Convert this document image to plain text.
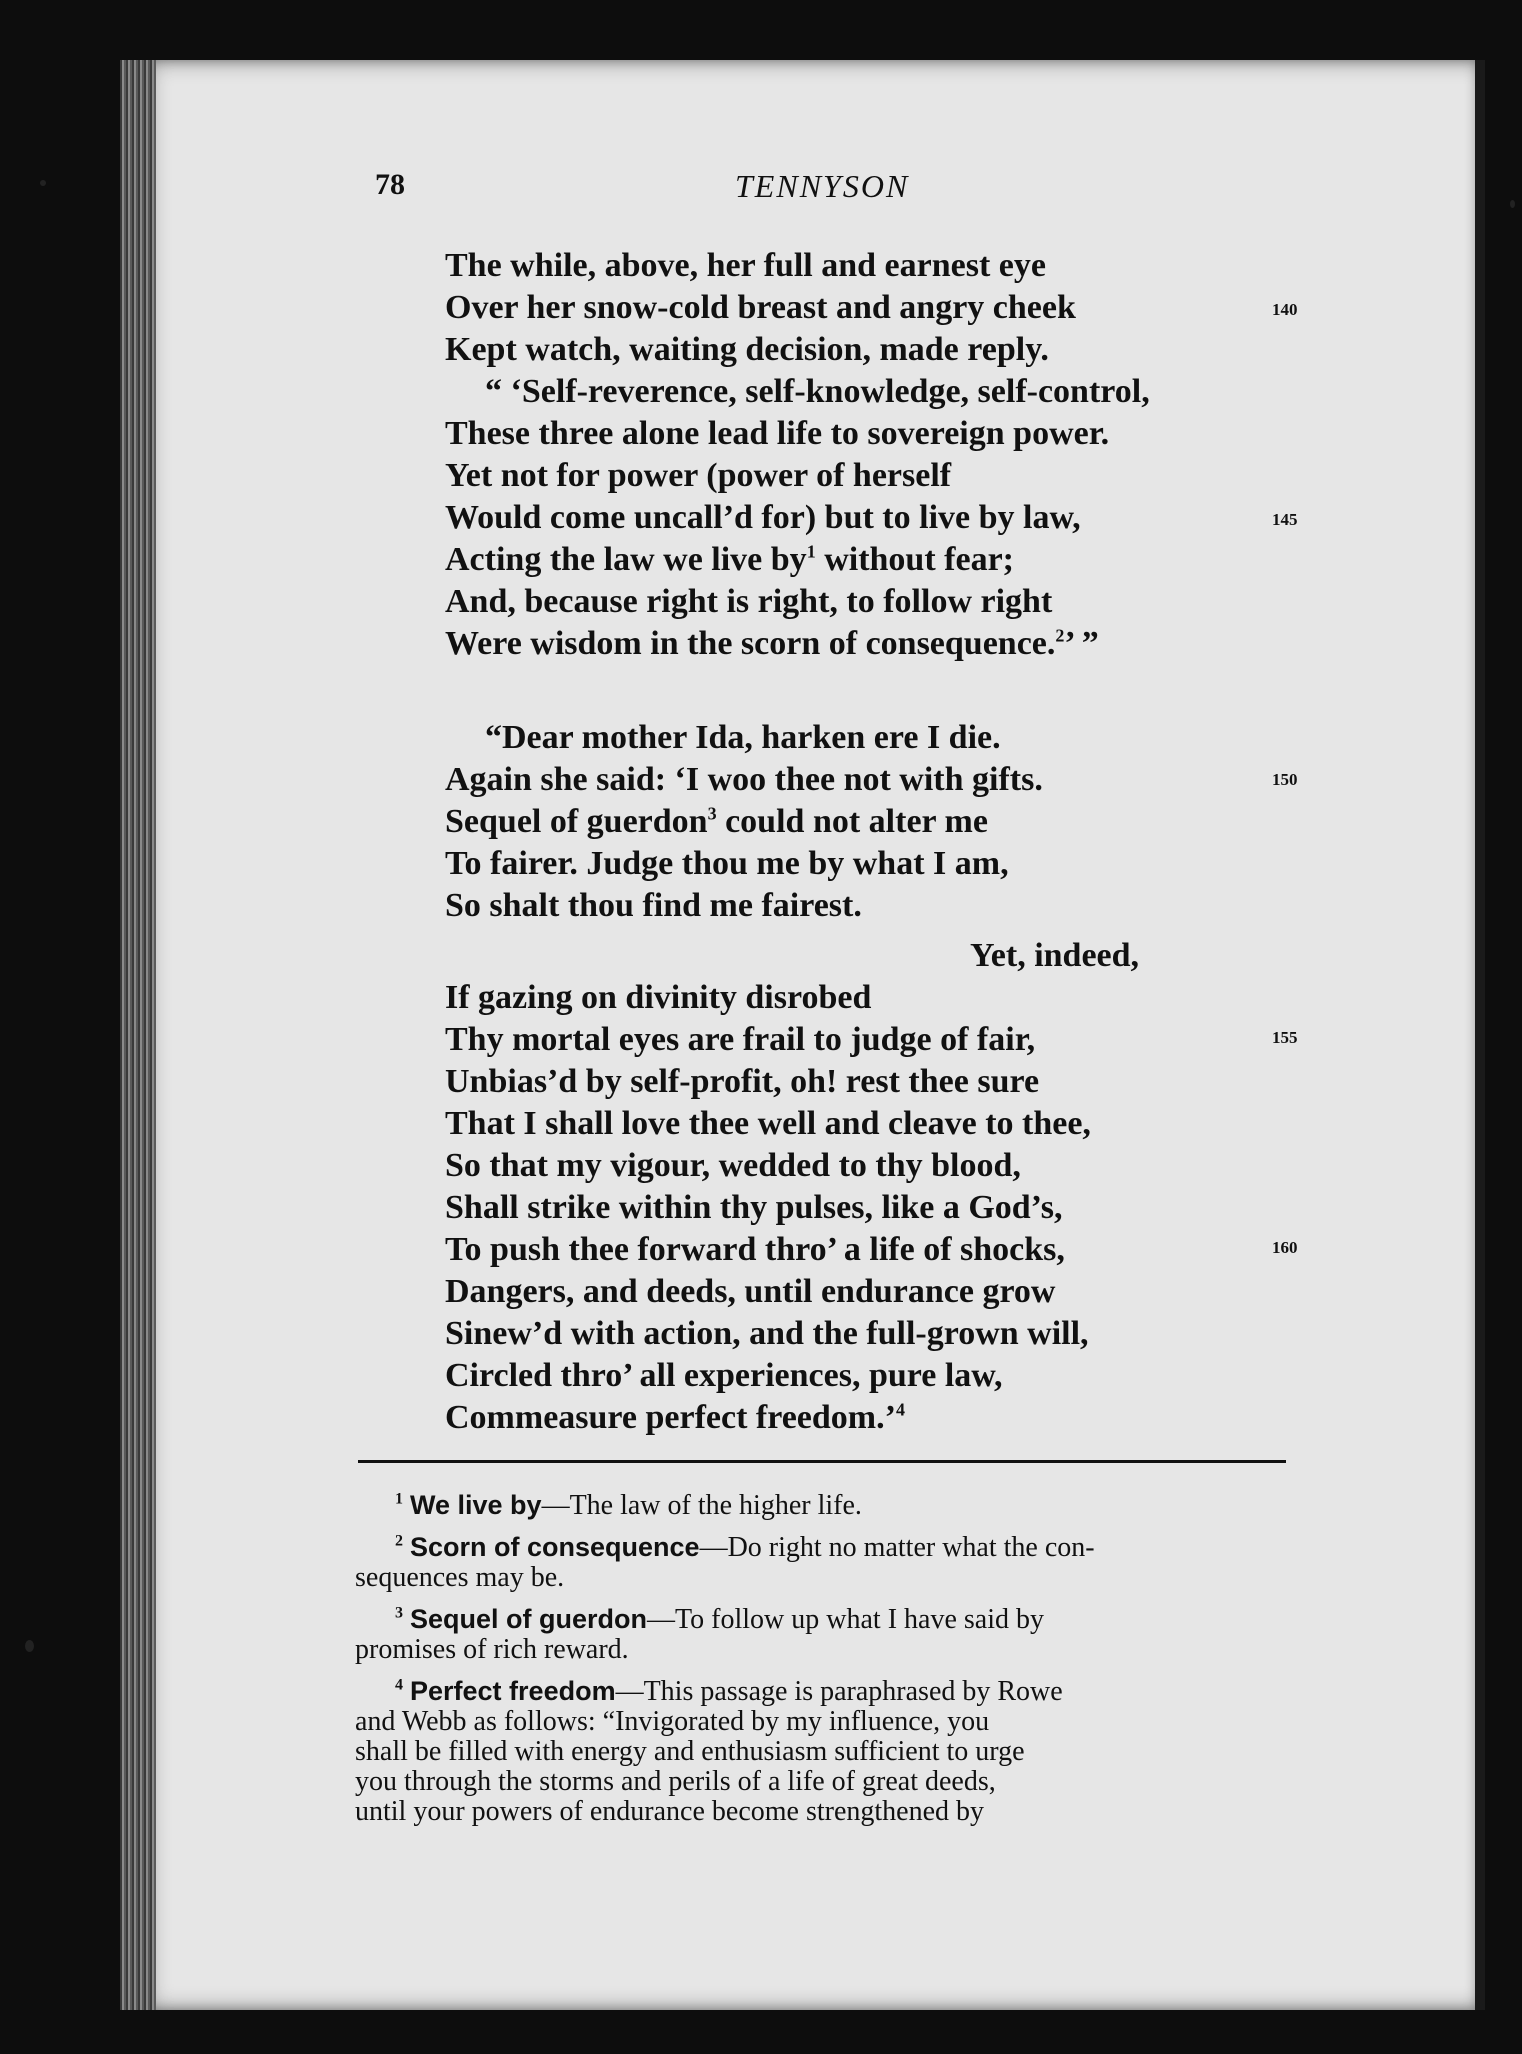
78	TENNYSON
The while, above, her full and earnest eye
Over her snow-cold breast and angry cheek
Kept watch, waiting decision, made reply.
“ ‘Self-reverence, self-knowledge, self-control,
These three alone lead life to sovereign power.
Yet not for power (power of herself
Would come uncall’d for) but to live by law,
Acting the law we live $by^1$ without fear;
And, because right is right, to follow right
Were wisdom in the scorn of consequence.$^2$’ ”
“Dear mother Ida, harken ere I die.
Again she said: ‘I woo thee not with gifts.
Sequel of guerdon$^3$ could not alter me
To fairer. Judge thou me by what I am,
So shalt thou find me fairest.
Yet, indeed,
If gazing on divinity disrobed
Thy mortal eyes are frail to judge of fair,
Unbias’d by self-profit, oh! rest thee sure
That I shall love thee well and cleave to thee,
So that my vigour, wedded to thy blood,
Shall strike within thy pulses, like a God’s,
To push thee forward thro’ a life of shocks,
Dangers, and deeds, until endurance grow
Sinew’d with action, and the full-grown will,
Circled thro’ all experiences, pure law,
Commeasure perfect freedom.’$^4$
140
145
150
155
160
$^1$ We live by—The law of the higher life.
$^2$ Scorn of consequence—Do right no matter what the con-
sequences may be.
$^3$ Sequel of guerdon—To follow up what I have said by
promises of rich reward.
$^4$ Perfect freedom—This passage is paraphrased by Rowe
and Webb as follows: “Invigorated by my influence, you
shall be filled with energy and enthusiasm sufficient to urge
you through the storms and perils of a life of great deeds,
until your powers of endurance become strengthened by
